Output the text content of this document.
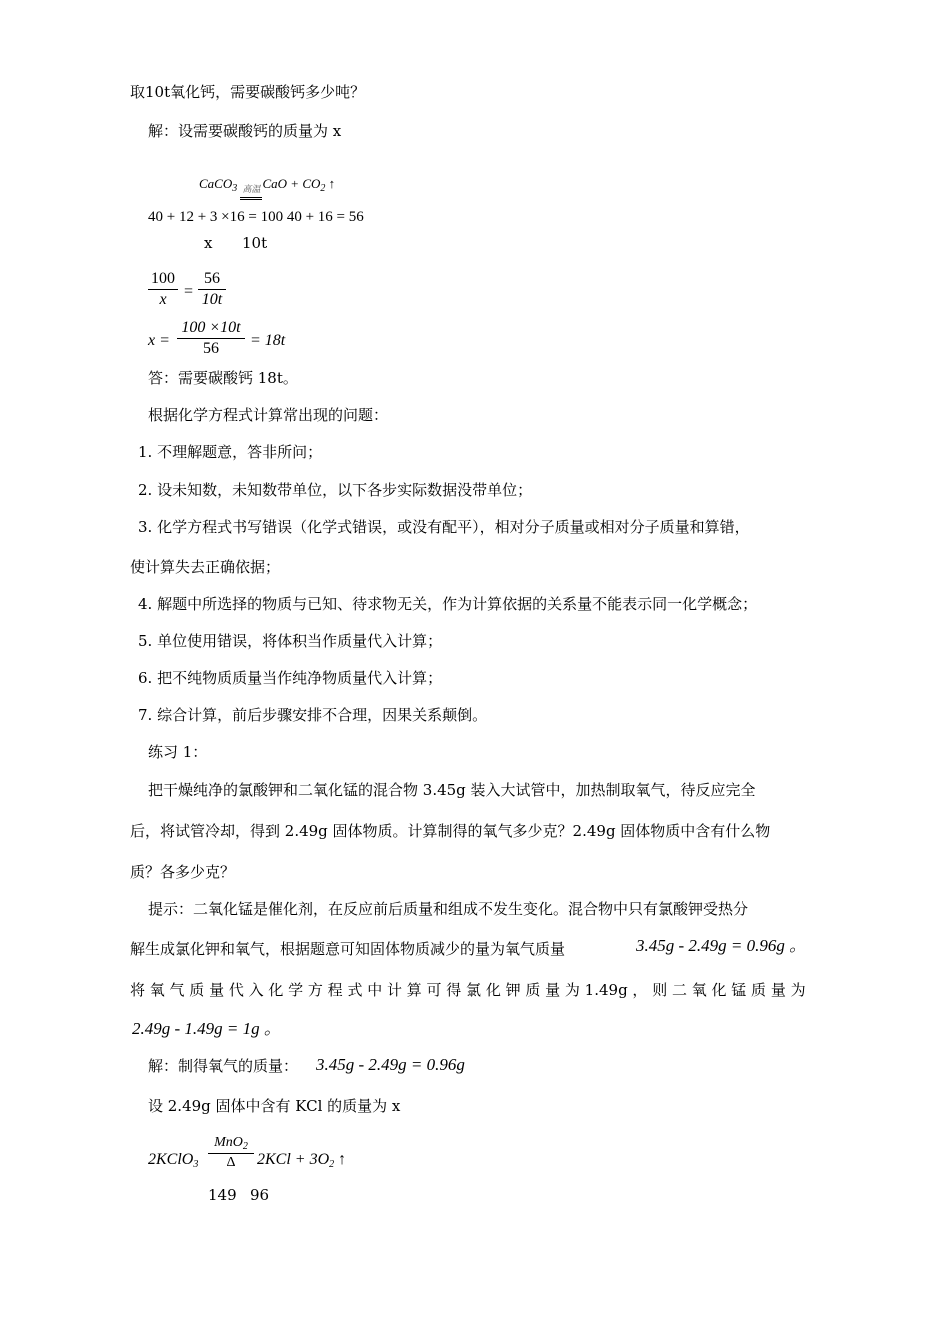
取10t氧化钙，需要碳酸钙多少吨？
解：设需要碳酸钙的质量为 x
CaCO$_3$ 高温 CaO + $CO_2$ ↑
40 + 12 + 3 ×16 = 100 40 + 16 = 56
x 10t
100
x	=
56
10t
x =
100 ×10t
56	= 18t
答：需要碳酸钙 18t。
根据化学方程式计算常出现的问题：
1. 不理解题意，答非所问；
2. 设未知数，未知数带单位，以下各步实际数据没带单位；
3. 化学方程式书写错误（化学式错误，或没有配平），相对分子质量或相对分子质量和算错，
使计算失去正确依据；
4. 解题中所选择的物质与已知、待求物无关，作为计算依据的关系量不能表示同一化学概念；
5. 单位使用错误，将体积当作质量代入计算；
6. 把不纯物质质量当作纯净物质量代入计算；
7. 综合计算，前后步骤安排不合理，因果关系颠倒。
练习 1：
把干燥纯净的氯酸钾和二氧化锰的混合物 3.45g 装入大试管中，加热制取氧气，待反应完全
后，将试管冷却，得到 2.49g 固体物质。计算制得的氧气多少克？2.49g 固体物质中含有什么物
质？各多少克？
提示：二氧化锰是催化剂，在反应前后质量和组成不发生变化。混合物中只有氯酸钾受热分
解生成氯化钾和氧气，根据题意可知固体物质减少的量为氧气质量	3.45g - 2.49g = 0.96g 。
将 氧 气 质 量 代 入 化 学 方 程 式 中 计 算 可 得 氯 化 钾 质 量 为 1.49g ， 则 二 氧 化 锰 质 量 为
2.49g - 1.49g = 1g 。
解：制得氧气的质量： 3.45g - 2.49g = 0.96g
设 2.49g 固体中含有 KCl 的质量为 x
2KClO$_3$
MnO$_2$
Δ	$2KCl + 3O_2$ ↑
149 96
